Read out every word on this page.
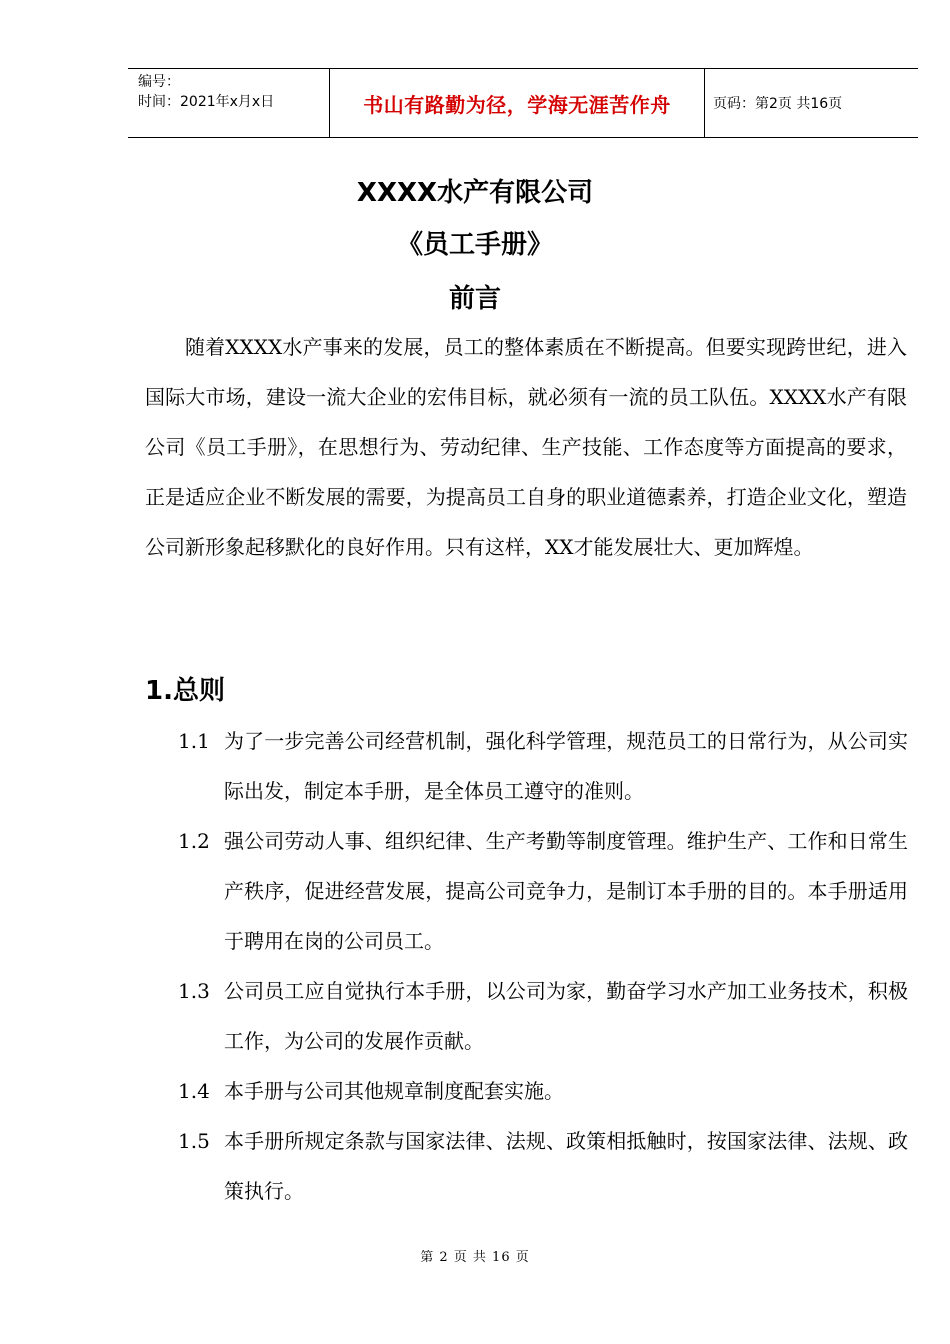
编号：
时间：2021年x月x日	书山有路勤为径，学海无涯苦作舟	页码：第2页 共16页
XXXX水产有限公司
《员工手册》
前言

随着XXXX水产事来的发展，员工的整体素质在不断提高。但要实现跨世纪，进入国际大市场，建设一流大企业的宏伟目标，就必须有一流的员工队伍。XXXX水产有限公司《员工手册》，在思想行为、劳动纪律、生产技能、工作态度等方面提高的要求，正是适应企业不断发展的需要，为提高员工自身的职业道德素养，打造企业文化，塑造公司新形象起移默化的良好作用。只有这样，XX才能发展壮大、更加辉煌。

1.总则
1.1 为了一步完善公司经营机制，强化科学管理，规范员工的日常行为，从公司实际出发，制定本手册，是全体员工遵守的准则。
1.2 强公司劳动人事、组织纪律、生产考勤等制度管理。维护生产、工作和日常生产秩序，促进经营发展，提高公司竞争力，是制订本手册的目的。本手册适用于聘用在岗的公司员工。
1.3 公司员工应自觉执行本手册，以公司为家，勤奋学习水产加工业务技术，积极工作，为公司的发展作贡献。
1.4 本手册与公司其他规章制度配套实施。
1.5 本手册所规定条款与国家法律、法规、政策相抵触时，按国家法律、法规、政策执行。
第 2 页 共 16 页
